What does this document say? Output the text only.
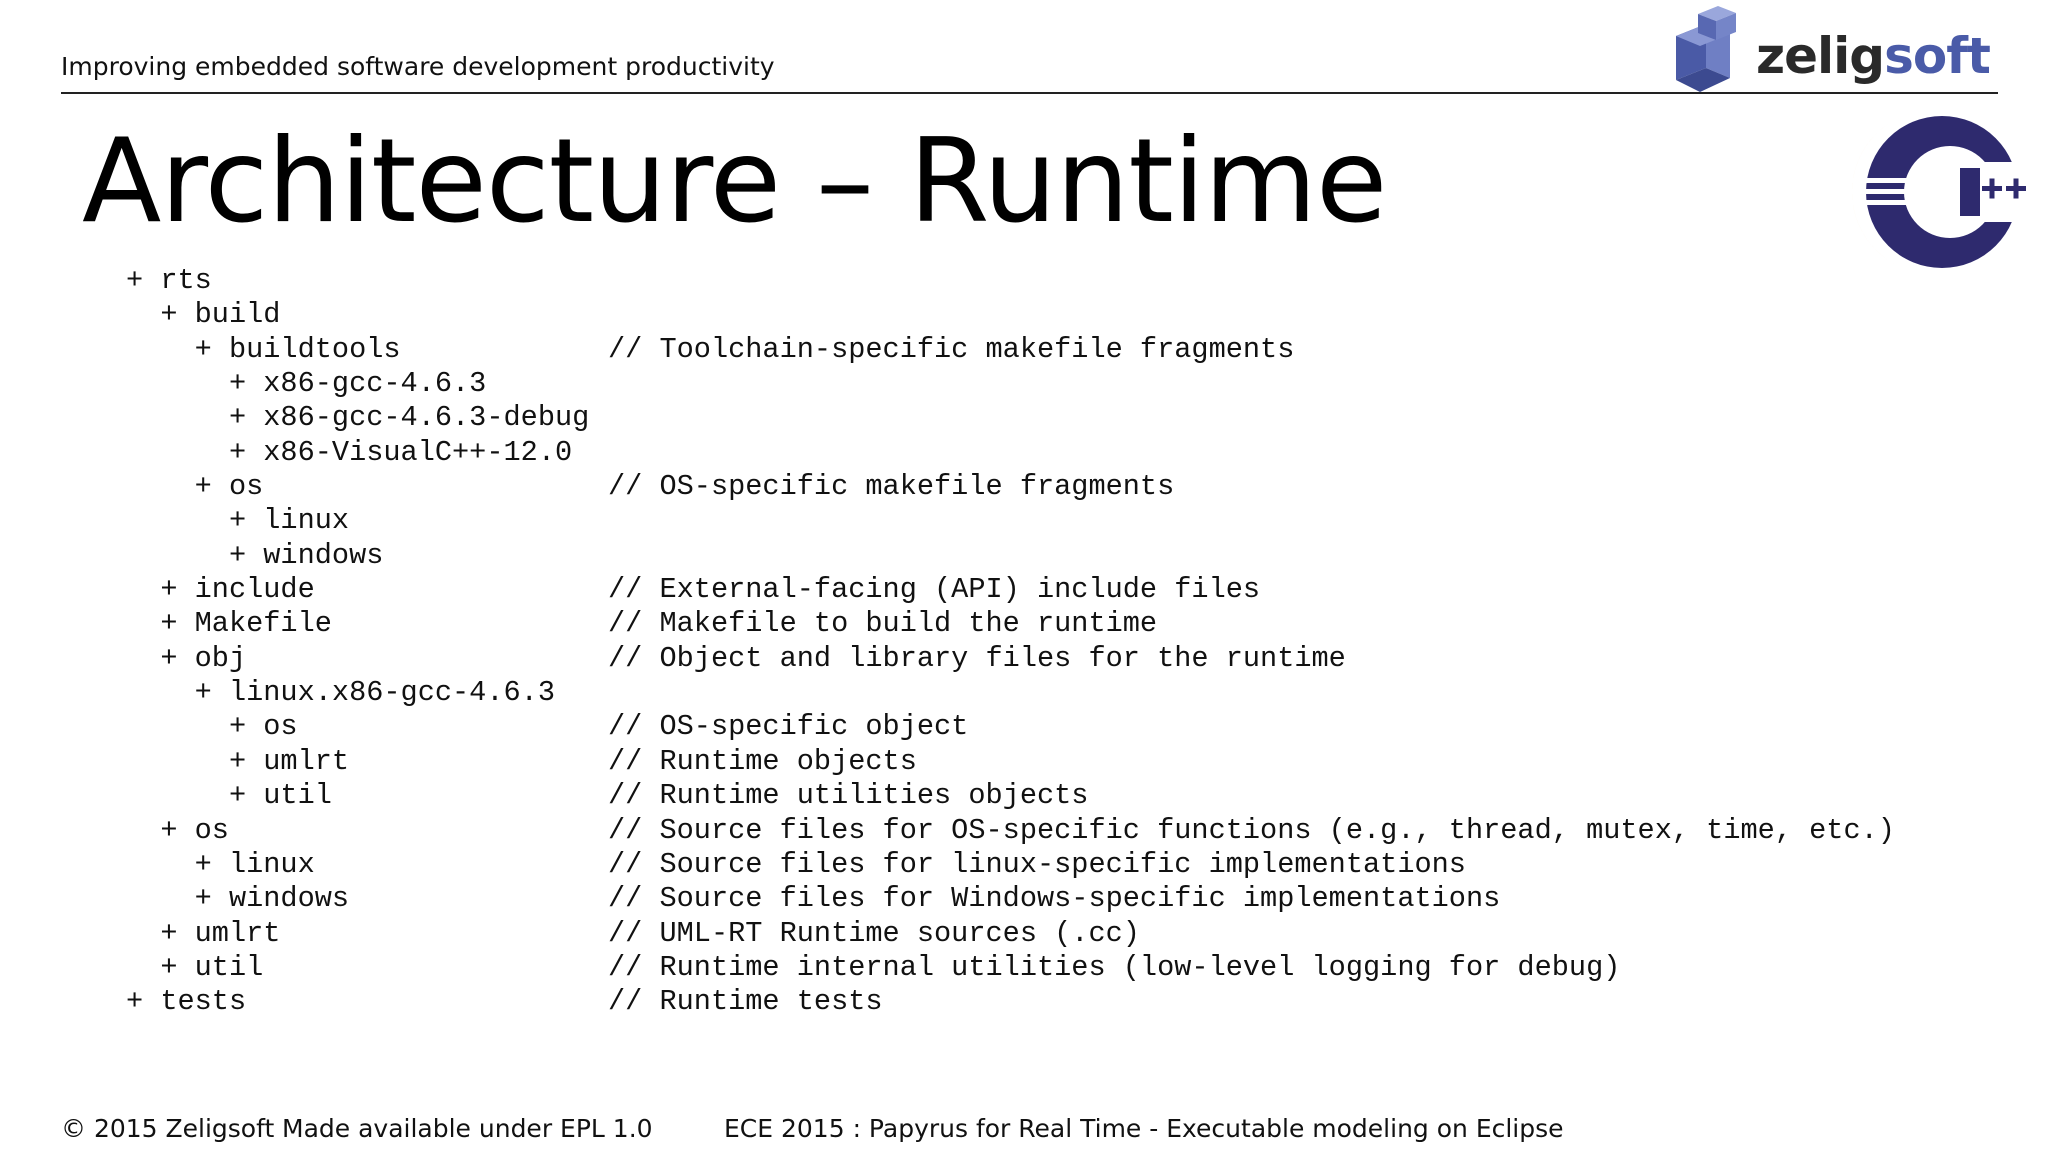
Improving embedded software development productivity	zeligsoft
Architecture – Runtime
+ rts
+ build
+ buildtools	// Toolchain-specific makefile fragments
+ x86-gcc-4.6.3
+ x86-gcc-4.6.3-debug
+ x86-VisualC++-12.0
+ os	// OS-specific makefile fragments
+ linux
+ windows
+ include	// External-facing (API) include files
+ Makefile	// Makefile to build the runtime
+ obj	// Object and library files for the runtime
+ linux.x86-gcc-4.6.3
+ os	// OS-specific object
+ umlrt	// Runtime objects
+ util	// Runtime utilities objects
+ os	// Source files for OS-specific functions (e.g., thread, mutex, time, etc.)
+ linux	// Source files for linux-specific implementations
+ windows	// Source files for Windows-specific implementations
+ umlrt	// UML-RT Runtime sources (.cc)
+ util	// Runtime internal utilities (low-level logging for debug)
+ tests	// Runtime tests
© 2015 Zeligsoft Made available under EPL 1.0	ECE 2015 : Papyrus for Real Time - Executable modeling on Eclipse
